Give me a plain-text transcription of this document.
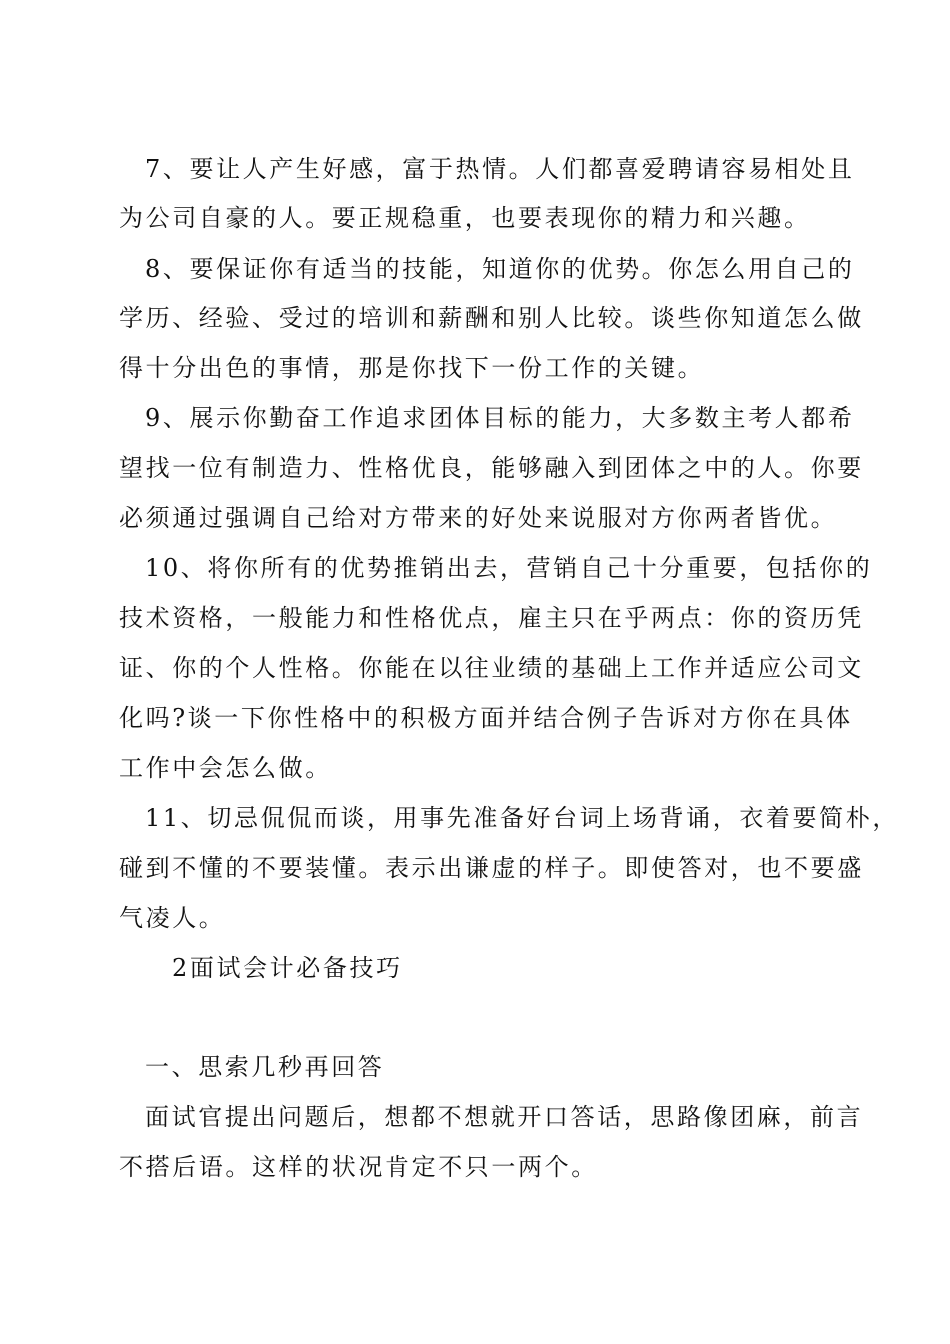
7、要让人产生好感，富于热情。人们都喜爱聘请容易相处且
为公司自豪的人。要正规稳重，也要表现你的精力和兴趣。
8、要保证你有适当的技能，知道你的优势。你怎么用自己的
学历、经验、受过的培训和薪酬和别人比较。谈些你知道怎么做
得十分出色的事情，那是你找下一份工作的关键。
9、展示你勤奋工作追求团体目标的能力，大多数主考人都希
望找一位有制造力、性格优良，能够融入到团体之中的人。你要
必须通过强调自己给对方带来的好处来说服对方你两者皆优。
10、将你所有的优势推销出去，营销自己十分重要，包括你的
技术资格，一般能力和性格优点，雇主只在乎两点：你的资历凭
证、你的个人性格。你能在以往业绩的基础上工作并适应公司文
化吗?谈一下你性格中的积极方面并结合例子告诉对方你在具体
工作中会怎么做。
11、切忌侃侃而谈，用事先准备好台词上场背诵，衣着要简朴，
碰到不懂的不要装懂。表示出谦虚的样子。即使答对，也不要盛
气凌人。
2面试会计必备技巧
一、思索几秒再回答
面试官提出问题后，想都不想就开口答话，思路像团麻，前言
不搭后语。这样的状况肯定不只一两个。
